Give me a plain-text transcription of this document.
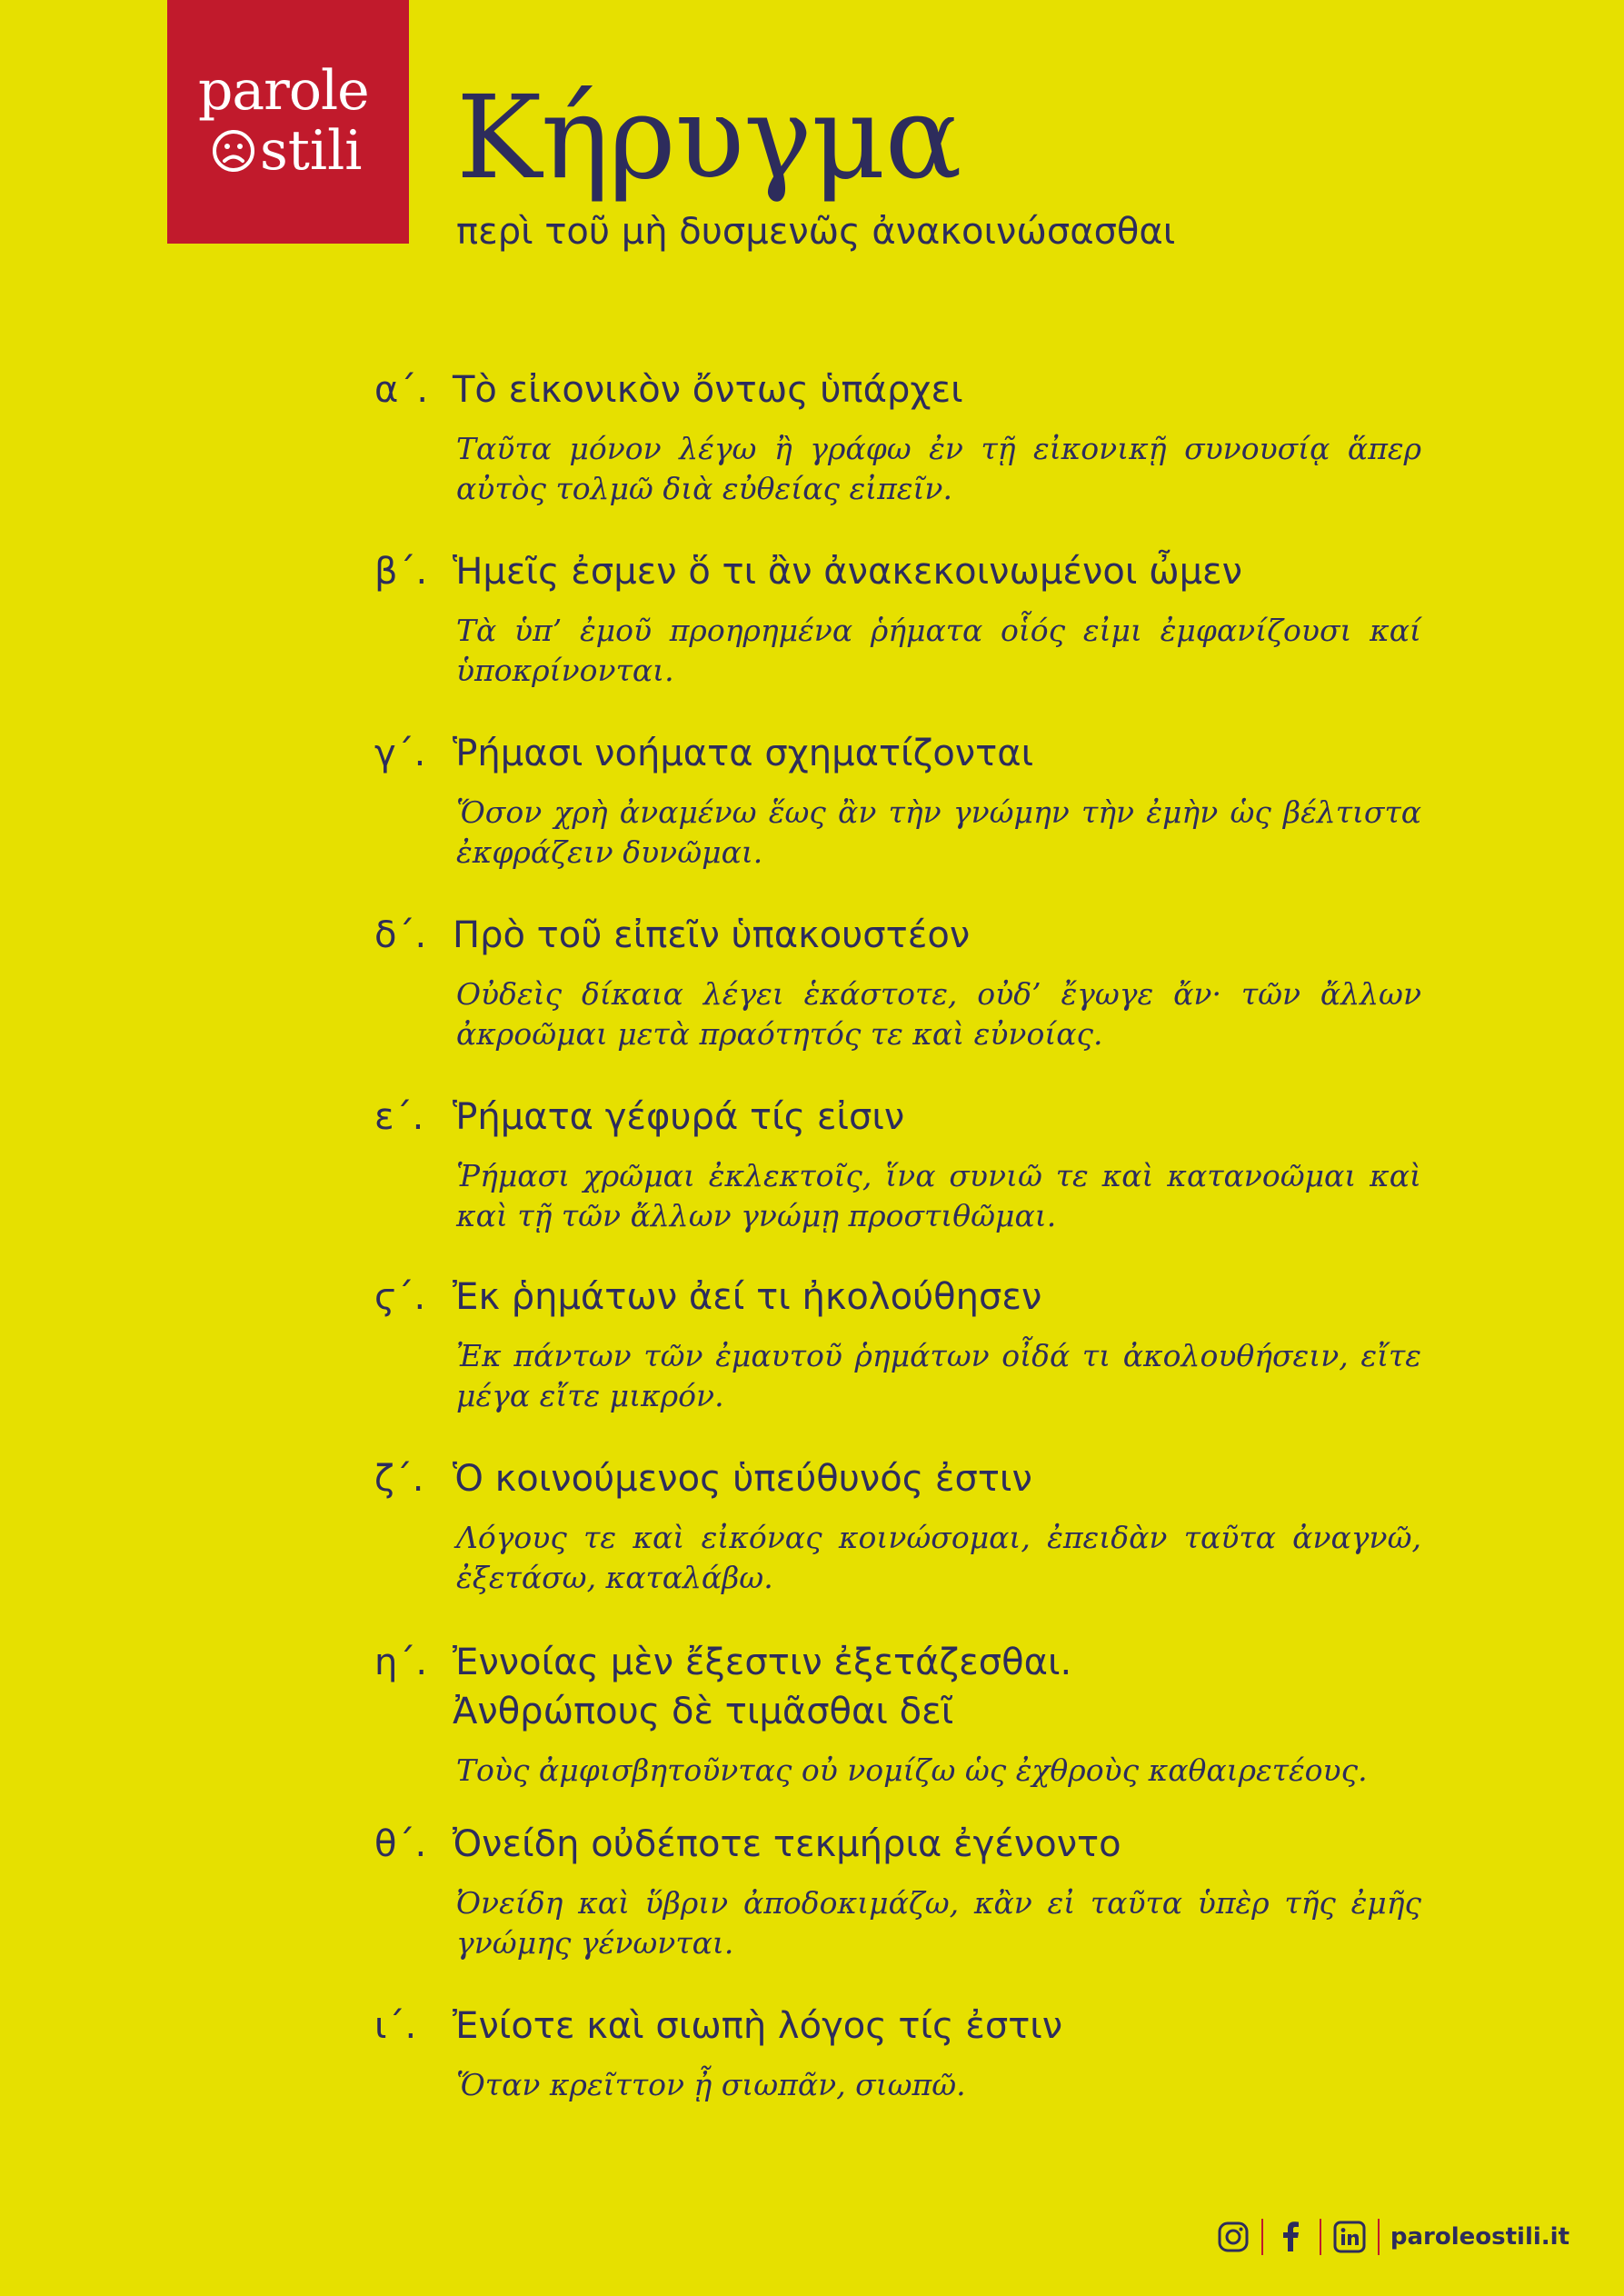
parole
stili Κήρυγμα

περὶ τοῦ μὴ δυσμενῶς ἀνακοινώσασθαι

α΄. Τὸ εἰκονικὸν ὄντως ὑπάρχει
Ταῦτα μόνον λέγω ἢ γράφω ἐν τῇ εἰκονικῇ συνουσίᾳ ἅπερ αὐτὸς τολμῶ διὰ εὐθείας εἰπεῖν.
β΄. Ἡμεῖς ἐσμεν ὅ τι ἂν ἀνακεκοινωμένοι ὦμεν
Τὰ ὑπ’ ἐμοῦ προηρημένα ῥήματα οἷός εἰμι ἐμφανίζουσι καί ὑποκρίνονται.
γ΄. Ῥήμασι νοήματα σχηματίζονται
Ὅσον χρὴ ἀναμένω ἕως ἂν τὴν γνώμην τὴν ἐμὴν ὡς βέλτιστα ἐκφράζειν δυνῶμαι.
δ΄. Πρὸ τοῦ εἰπεῖν ὑπακουστέον
Οὐδεὶς δίκαια λέγει ἑκάστοτε, οὐδ’ ἔγωγε ἄν· τῶν ἄλλων ἀκροῶμαι μετὰ πραότητός τε καὶ εὐνοίας.
ε΄. Ῥήματα γέφυρά τίς εἰσιν
Ῥήμασι χρῶμαι ἐκλεκτοῖς, ἵνα συνιῶ τε καὶ κατανοῶμαι καὶ καὶ τῇ τῶν ἄλλων γνώμῃ προστιθῶμαι.
ϛ΄. Ἐκ ῥημάτων ἀεί τι ἠκολούθησεν
Ἐκ πάντων τῶν ἐμαυτοῦ ῥημάτων οἶδά τι ἀκολουθήσειν, εἴτε μέγα εἴτε μικρόν.
ζ΄. Ὁ κοινούμενος ὑπεύθυνός ἐστιν
Λόγους τε καὶ εἰκόνας κοινώσομαι, ἐπειδὰν ταῦτα ἀναγνῶ, ἐξετάσω, καταλάβω.
η΄. Ἐννοίας μὲν ἔξεστιν ἐξετάζεσθαι.
Ἀνθρώπους δὲ τιμᾶσθαι δεῖ
Τοὺς ἀμφισβητοῦντας οὐ νομίζω ὡς ἐχθροὺς καθαιρετέους.
θ΄. Ὀνείδη οὐδέποτε τεκμήρια ἐγένοντο
Ὀνείδη καὶ ὕβριν ἀποδοκιμάζω, κἂν εἰ ταῦτα ὑπὲρ τῆς ἐμῆς γνώμης γένωνται.
ι΄. Ἐνίοτε καὶ σιωπὴ λόγος τίς ἐστιν
Ὅταν κρεῖττον ᾖ σιωπᾶν, σιωπῶ.
paroleostili.it
